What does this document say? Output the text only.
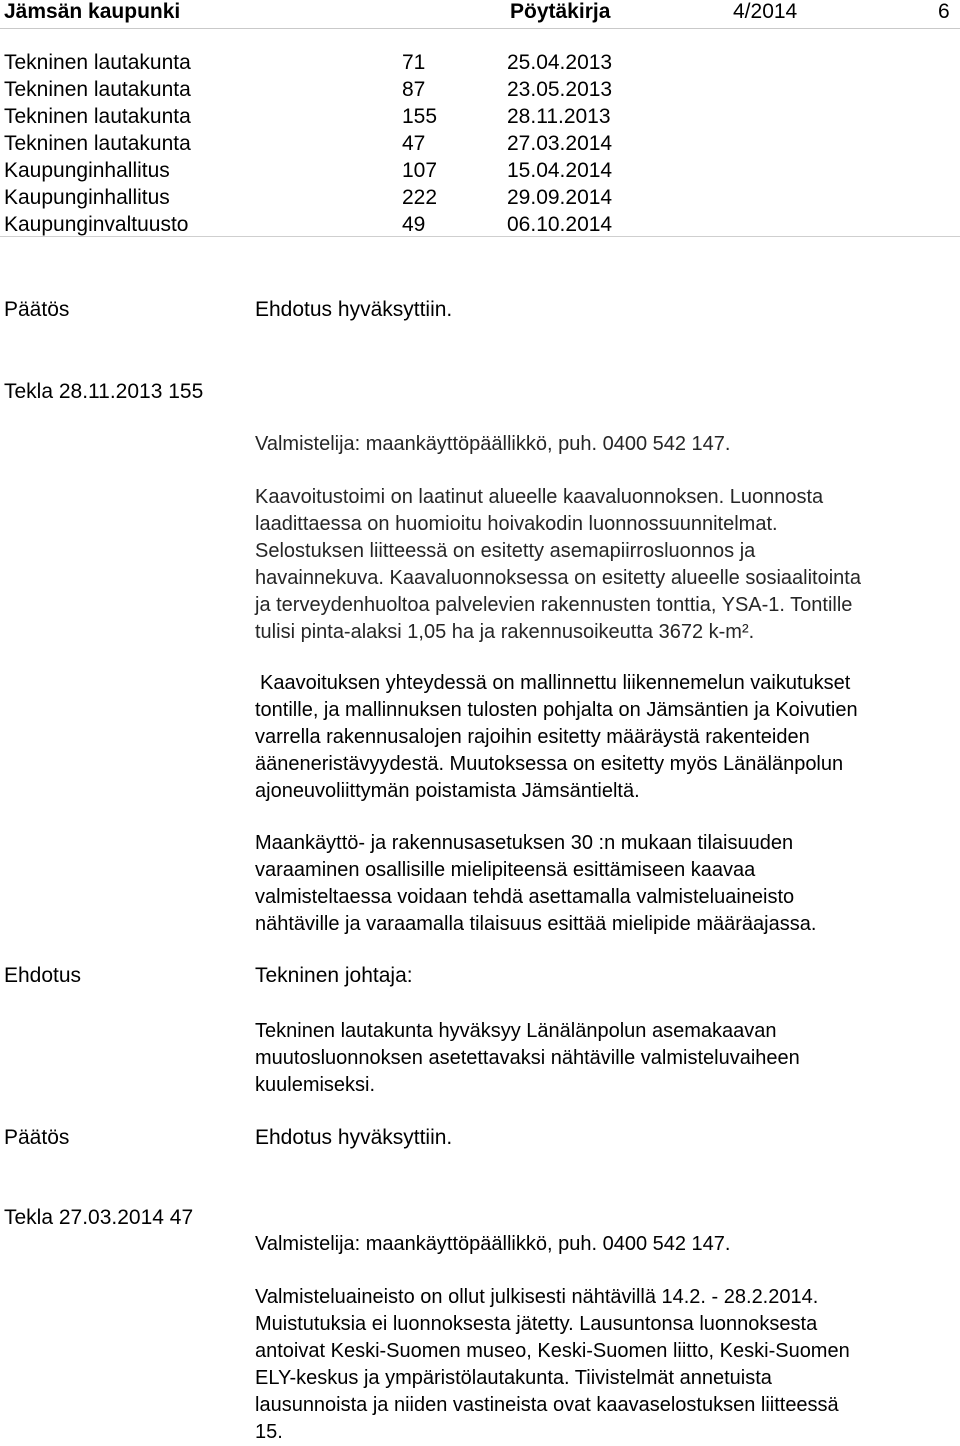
Jämsän kaupunki	Pöytäkirja	4/2014	6
Tekninen lautakunta	71	25.04.2013
Tekninen lautakunta	87	23.05.2013
Tekninen lautakunta	155	28.11.2013
Tekninen lautakunta	47	27.03.2014
Kaupunginhallitus	107	15.04.2014
Kaupunginhallitus	222	29.09.2014
Kaupunginvaltuusto	49	06.10.2014
Päätös	Ehdotus hyväksyttiin.
Tekla 28.11.2013 155
Valmistelija: maankäyttöpäällikkö, puh. 0400 542 147.
Kaavoitustoimi on laatinut alueelle kaavaluonnoksen. Luonnosta
laadittaessa on huomioitu hoivakodin luonnossuunnitelmat.
Selostuksen liitteessä on esitetty asemapiirrosluonnos ja
havainnekuva. Kaavaluonnoksessa on esitetty alueelle sosiaalitointa
ja terveydenhuoltoa palvelevien rakennusten tonttia, YSA-1. Tontille
tulisi pinta-alaksi 1,05 ha ja rakennusoikeutta 3672 k-m².
Kaavoituksen yhteydessä on mallinnettu liikennemelun vaikutukset
tontille, ja mallinnuksen tulosten pohjalta on Jämsäntien ja Koivutien
varrella rakennusalojen rajoihin esitetty määräystä rakenteiden
ääneneristävyydestä. Muutoksessa on esitetty myös Länälänpolun
ajoneuvoliittymän poistamista Jämsäntieltä.
Maankäyttö- ja rakennusasetuksen 30 :n mukaan tilaisuuden
varaaminen osallisille mielipiteensä esittämiseen kaavaa
valmisteltaessa voidaan tehdä asettamalla valmisteluaineisto
nähtäville ja varaamalla tilaisuus esittää mielipide määräajassa.
Ehdotus	Tekninen johtaja:
Tekninen lautakunta hyväksyy Länälänpolun asemakaavan
muutosluonnoksen asetettavaksi nähtäville valmisteluvaiheen
kuulemiseksi.
Päätös	Ehdotus hyväksyttiin.
Tekla 27.03.2014 47
Valmistelija: maankäyttöpäällikkö, puh. 0400 542 147.
Valmisteluaineisto on ollut julkisesti nähtävillä 14.2. - 28.2.2014.
Muistutuksia ei luonnoksesta jätetty. Lausuntonsa luonnoksesta
antoivat Keski-Suomen museo, Keski-Suomen liitto, Keski-Suomen
ELY-keskus ja ympäristölautakunta. Tiivistelmät annetuista
lausunnoista ja niiden vastineista ovat kaavaselostuksen liitteessä
15.
